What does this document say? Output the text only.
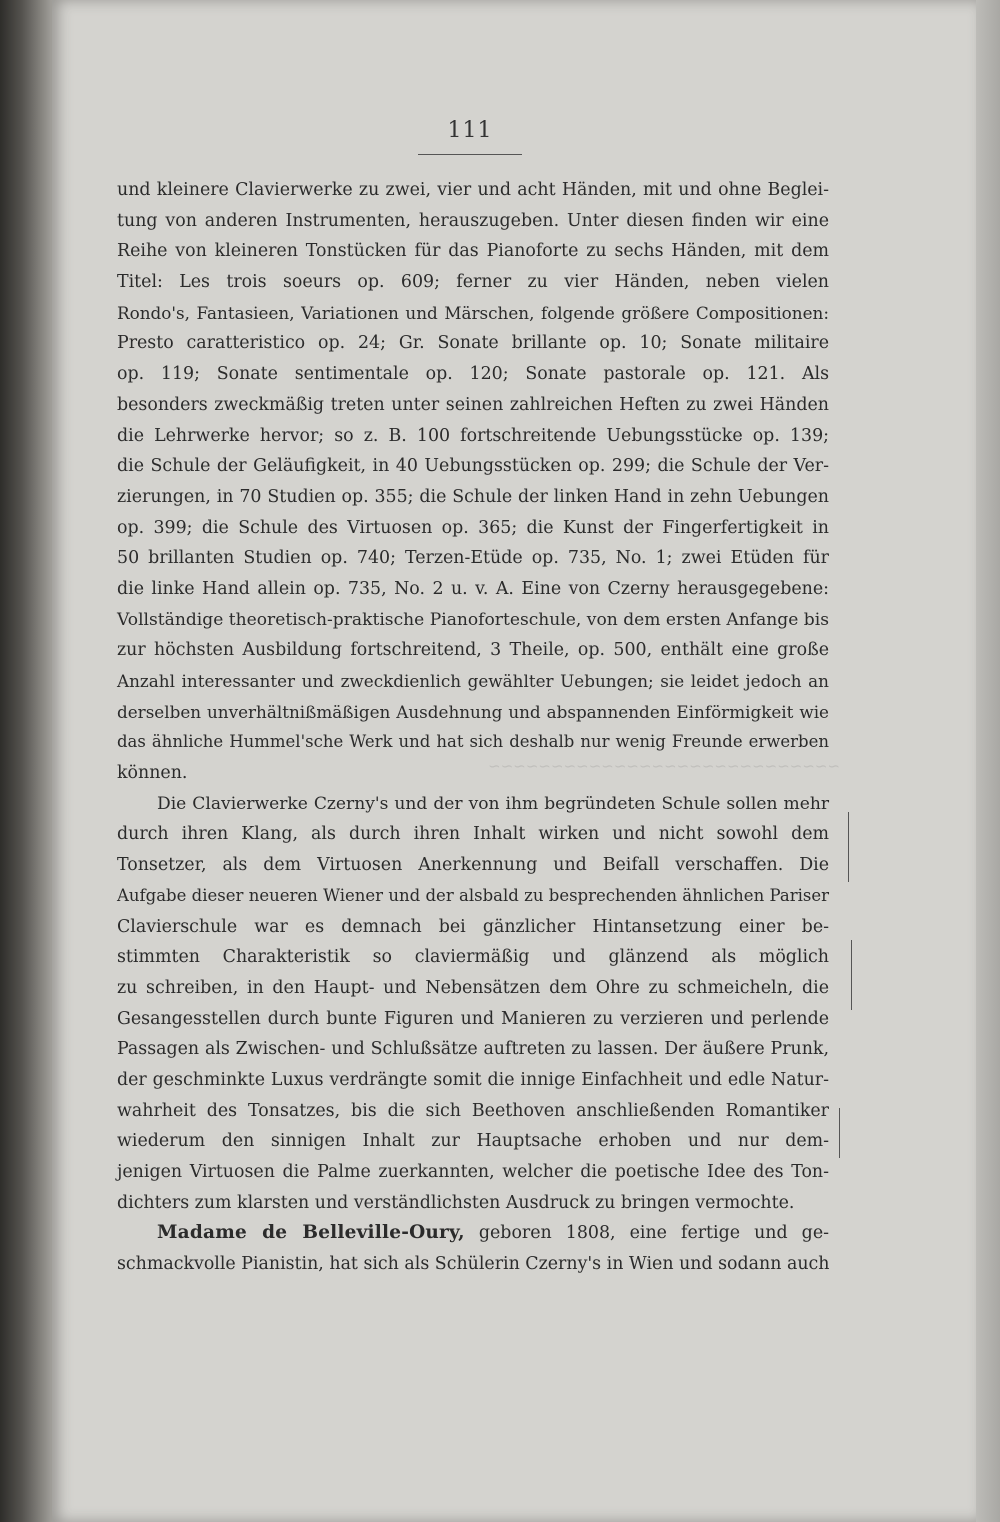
~~~~~~~~~~~~~~~~~~~~~~~~~~~~
111
und kleinere Clavierwerke zu zwei, vier und acht Händen, mit und ohne Beglei-
tung von anderen Instrumenten, herauszugeben. Unter diesen finden wir eine
Reihe von kleineren Tonstücken für das Pianoforte zu sechs Händen, mit dem
Titel: Les trois soeurs op. 609; ferner zu vier Händen, neben vielen
Rondo's, Fantasieen, Variationen und Märschen, folgende größere Compositionen:
Presto caratteristico op. 24; Gr. Sonate brillante op. 10; Sonate militaire
op. 119; Sonate sentimentale op. 120; Sonate pastorale op. 121. Als
besonders zweckmäßig treten unter seinen zahlreichen Heften zu zwei Händen
die Lehrwerke hervor; so z. B. 100 fortschreitende Uebungsstücke op. 139;
die Schule der Geläufigkeit, in 40 Uebungsstücken op. 299; die Schule der Ver-
zierungen, in 70 Studien op. 355; die Schule der linken Hand in zehn Uebungen
op. 399; die Schule des Virtuosen op. 365; die Kunst der Fingerfertigkeit in
50 brillanten Studien op. 740; Terzen-Etüde op. 735, No. 1; zwei Etüden für
die linke Hand allein op. 735, No. 2 u. v. A. Eine von Czerny herausgegebene:
Vollständige theoretisch-praktische Pianoforteschule, von dem ersten Anfange bis
zur höchsten Ausbildung fortschreitend, 3 Theile, op. 500, enthält eine große
Anzahl interessanter und zweckdienlich gewählter Uebungen; sie leidet jedoch an
derselben unverhältnißmäßigen Ausdehnung und abspannenden Einförmigkeit wie
das ähnliche Hummel'sche Werk und hat sich deshalb nur wenig Freunde erwerben
können.
Die Clavierwerke Czerny's und der von ihm begründeten Schule sollen mehr
durch ihren Klang, als durch ihren Inhalt wirken und nicht sowohl dem
Tonsetzer, als dem Virtuosen Anerkennung und Beifall verschaffen. Die
Aufgabe dieser neueren Wiener und der alsbald zu besprechenden ähnlichen Pariser
Clavierschule war es demnach bei gänzlicher Hintansetzung einer be-
stimmten Charakteristik so claviermäßig und glänzend als möglich
zu schreiben, in den Haupt- und Nebensätzen dem Ohre zu schmeicheln, die
Gesangesstellen durch bunte Figuren und Manieren zu verzieren und perlende
Passagen als Zwischen- und Schlußsätze auftreten zu lassen. Der äußere Prunk,
der geschminkte Luxus verdrängte somit die innige Einfachheit und edle Natur-
wahrheit des Tonsatzes, bis die sich Beethoven anschließenden Romantiker
wiederum den sinnigen Inhalt zur Hauptsache erhoben und nur dem-
jenigen Virtuosen die Palme zuerkannten, welcher die poetische Idee des Ton-
dichters zum klarsten und verständlichsten Ausdruck zu bringen vermochte.
Madame de Belleville-Oury, geboren 1808, eine fertige und ge-
schmackvolle Pianistin, hat sich als Schülerin Czerny's in Wien und sodann auch
